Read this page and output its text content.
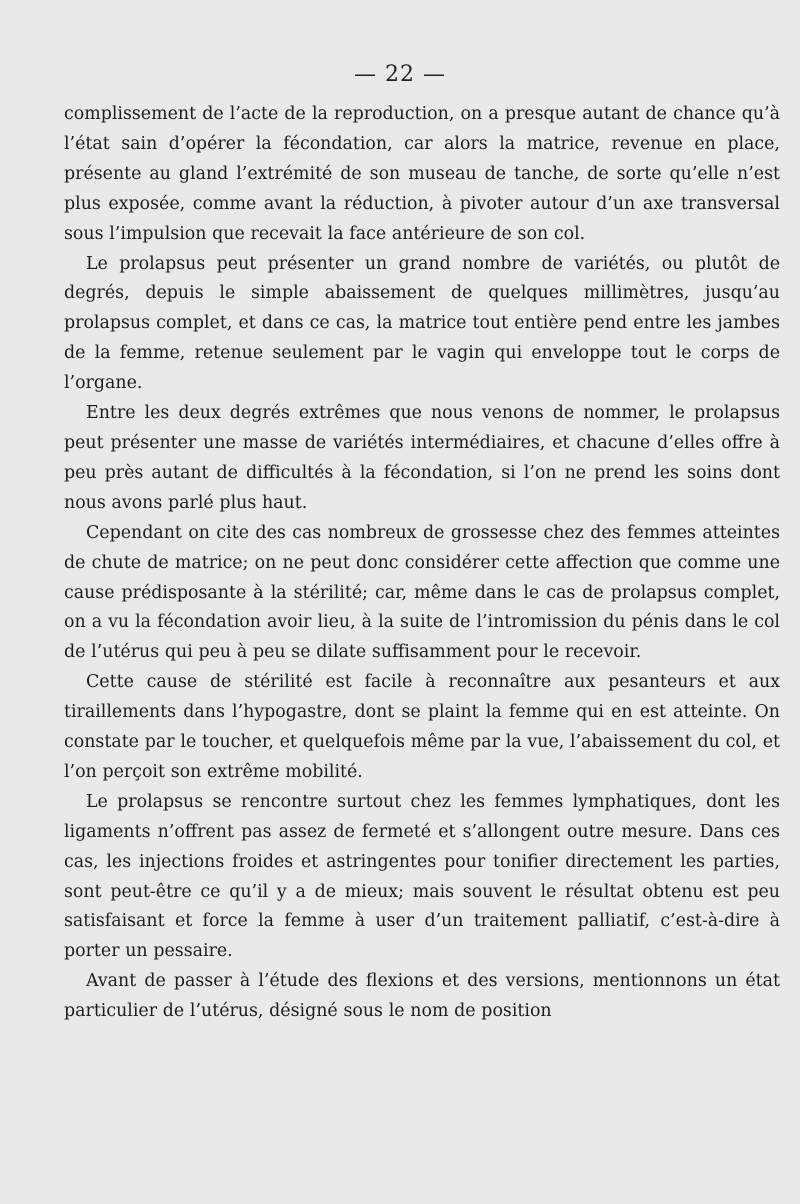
— 22 —

complissement de l’acte de la reproduction, on a presque autant de chance qu’à l’état sain d’opérer la fécondation, car alors la matrice, revenue en place, présente au gland l’extrémité de son museau de tanche, de sorte qu’elle n’est plus exposée, comme avant la réduction, à pivoter autour d’un axe transversal sous l’impulsion que recevait la face antérieure de son col.

Le prolapsus peut présenter un grand nombre de variétés, ou plutôt de degrés, depuis le simple abaissement de quelques millimètres, jusqu’au prolapsus complet, et dans ce cas, la matrice tout entière pend entre les jambes de la femme, retenue seulement par le vagin qui enveloppe tout le corps de l’organe.

Entre les deux degrés extrêmes que nous venons de nommer, le prolapsus peut présenter une masse de variétés intermédiaires, et chacune d’elles offre à peu près autant de difficultés à la fécondation, si l’on ne prend les soins dont nous avons parlé plus haut.

Cependant on cite des cas nombreux de grossesse chez des femmes atteintes de chute de matrice; on ne peut donc considérer cette affection que comme une cause prédisposante à la stérilité; car, même dans le cas de prolapsus complet, on a vu la fécondation avoir lieu, à la suite de l’intromission du pénis dans le col de l’utérus qui peu à peu se dilate suffisamment pour le recevoir.

Cette cause de stérilité est facile à reconnaître aux pesanteurs et aux tiraillements dans l’hypogastre, dont se plaint la femme qui en est atteinte. On constate par le toucher, et quelquefois même par la vue, l’abaissement du col, et l’on perçoit son extrême mobilité.

Le prolapsus se rencontre surtout chez les femmes lymphatiques, dont les ligaments n’offrent pas assez de fermeté et s’allongent outre mesure. Dans ces cas, les injections froides et astringentes pour tonifier directement les parties, sont peut-être ce qu’il y a de mieux; mais souvent le résultat obtenu est peu satisfaisant et force la femme à user d’un traitement palliatif, c’est-à-dire à porter un pessaire.

Avant de passer à l’étude des flexions et des versions, mentionnons un état particulier de l’utérus, désigné sous le nom de position
